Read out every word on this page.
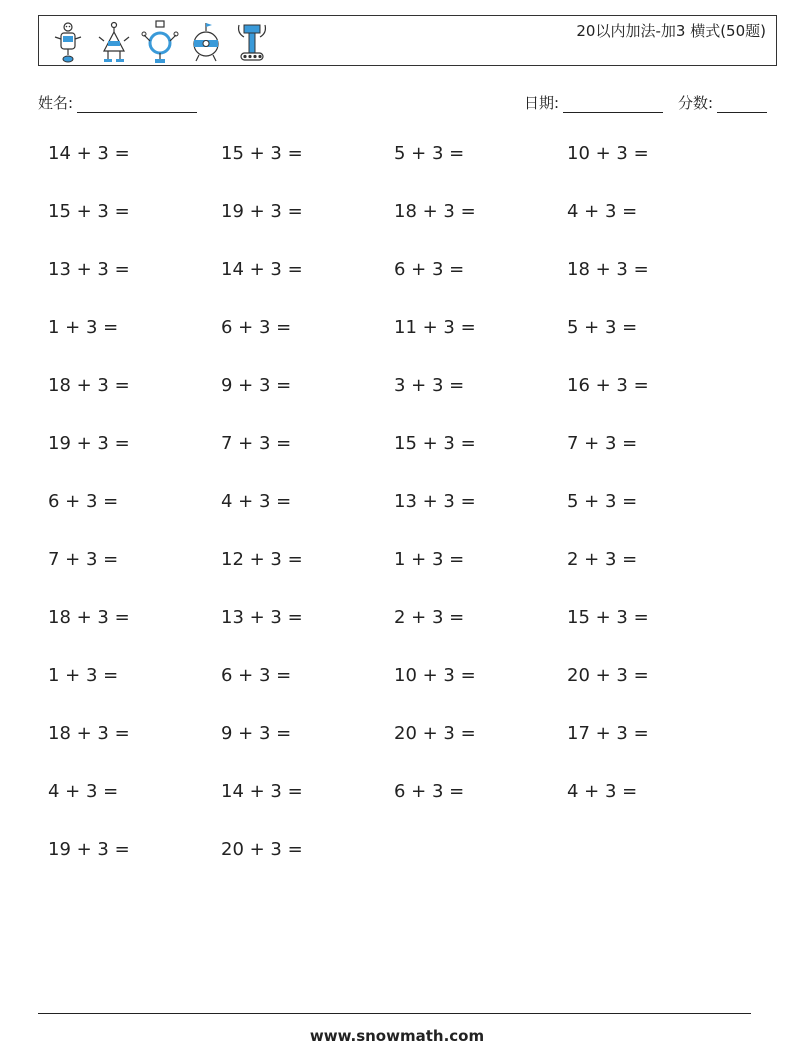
20以内加法-加3 横式(50题)
姓名:	日期:	分数:
14 + 3 =	15 + 3 =	5 + 3 =	10 + 3 =
15 + 3 =	19 + 3 =	18 + 3 =	4 + 3 =
13 + 3 =	14 + 3 =	6 + 3 =	18 + 3 =
1 + 3 =	6 + 3 =	11 + 3 =	5 + 3 =
18 + 3 =	9 + 3 =	3 + 3 =	16 + 3 =
19 + 3 =	7 + 3 =	15 + 3 =	7 + 3 =
6 + 3 =	4 + 3 =	13 + 3 =	5 + 3 =
7 + 3 =	12 + 3 =	1 + 3 =	2 + 3 =
18 + 3 =	13 + 3 =	2 + 3 =	15 + 3 =
1 + 3 =	6 + 3 =	10 + 3 =	20 + 3 =
18 + 3 =	9 + 3 =	20 + 3 =	17 + 3 =
4 + 3 =	14 + 3 =	6 + 3 =	4 + 3 =
19 + 3 =	20 + 3 =
www.snowmath.com
